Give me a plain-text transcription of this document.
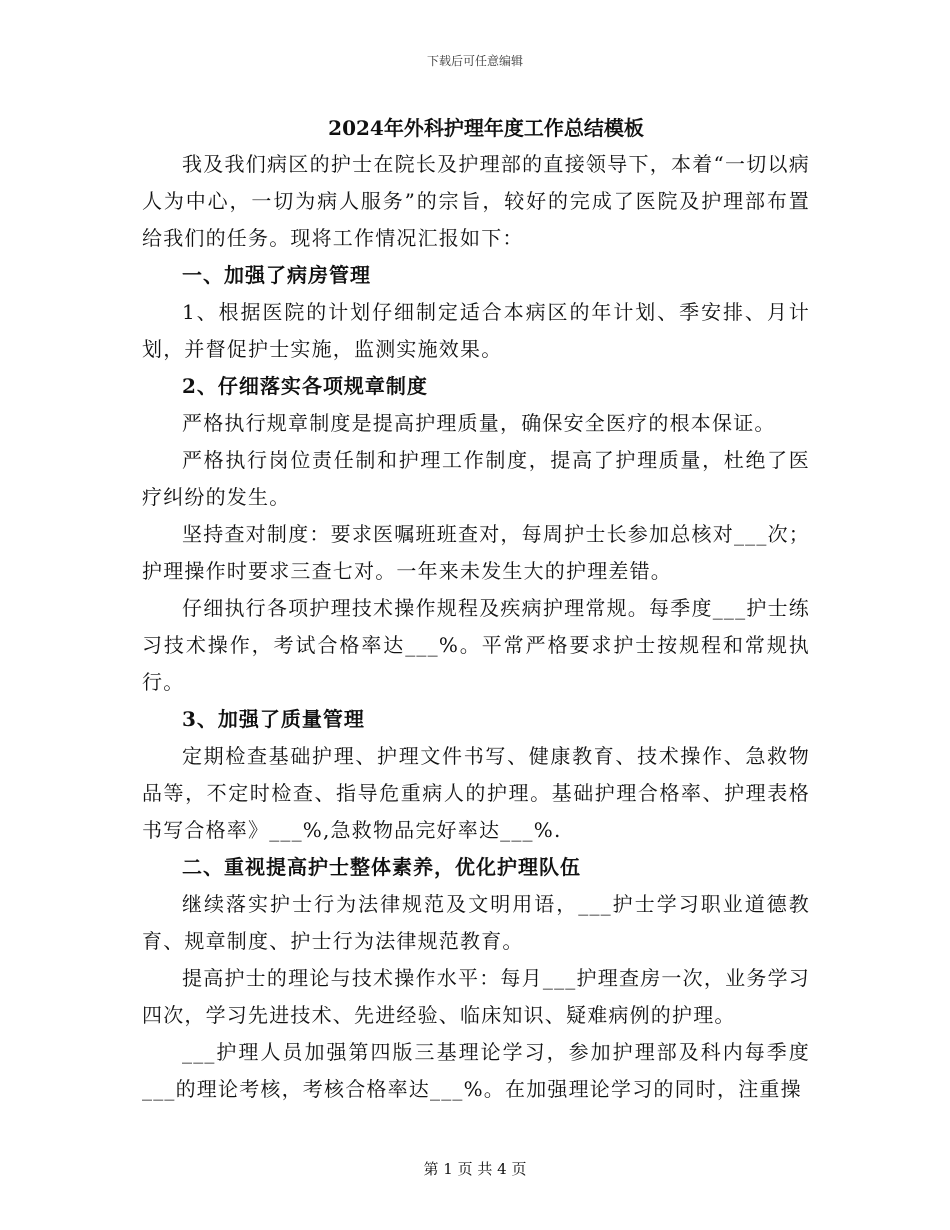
下载后可任意编辑
2024年外科护理年度工作总结模板

我及我们病区的护士在院长及护理部的直接领导下，本着“一切以病人为中心，一切为病人服务”的宗旨，较好的完成了医院及护理部布置给我们的任务。现将工作情况汇报如下：

一、加强了病房管理

1、根据医院的计划仔细制定适合本病区的年计划、季安排、月计划，并督促护士实施，监测实施效果。

2、仔细落实各项规章制度

严格执行规章制度是提高护理质量，确保安全医疗的根本保证。

严格执行岗位责任制和护理工作制度，提高了护理质量，杜绝了医疗纠纷的发生。

坚持查对制度：要求医嘱班班查对，每周护士长参加总核对___次；护理操作时要求三查七对。一年来未发生大的护理差错。

仔细执行各项护理技术操作规程及疾病护理常规。每季度___护士练习技术操作，考试合格率达___%。平常严格要求护士按规程和常规执行。

3、加强了质量管理

定期检查基础护理、护理文件书写、健康教育、技术操作、急救物品等，不定时检查、指导危重病人的护理。基础护理合格率、护理表格书写合格率》___%,急救物品完好率达___%.

二、重视提高护士整体素养，优化护理队伍

继续落实护士行为法律规范及文明用语，___护士学习职业道德教育、规章制度、护士行为法律规范教育。

提高护士的理论与技术操作水平：每月___护理查房一次，业务学习四次，学习先进技术、先进经验、临床知识、疑难病例的护理。

___护理人员加强第四版三基理论学习，参加护理部及科内每季度___的理论考核，考核合格率达___%。在加强理论学习的同时，注重操

第 1 页 共 4 页
